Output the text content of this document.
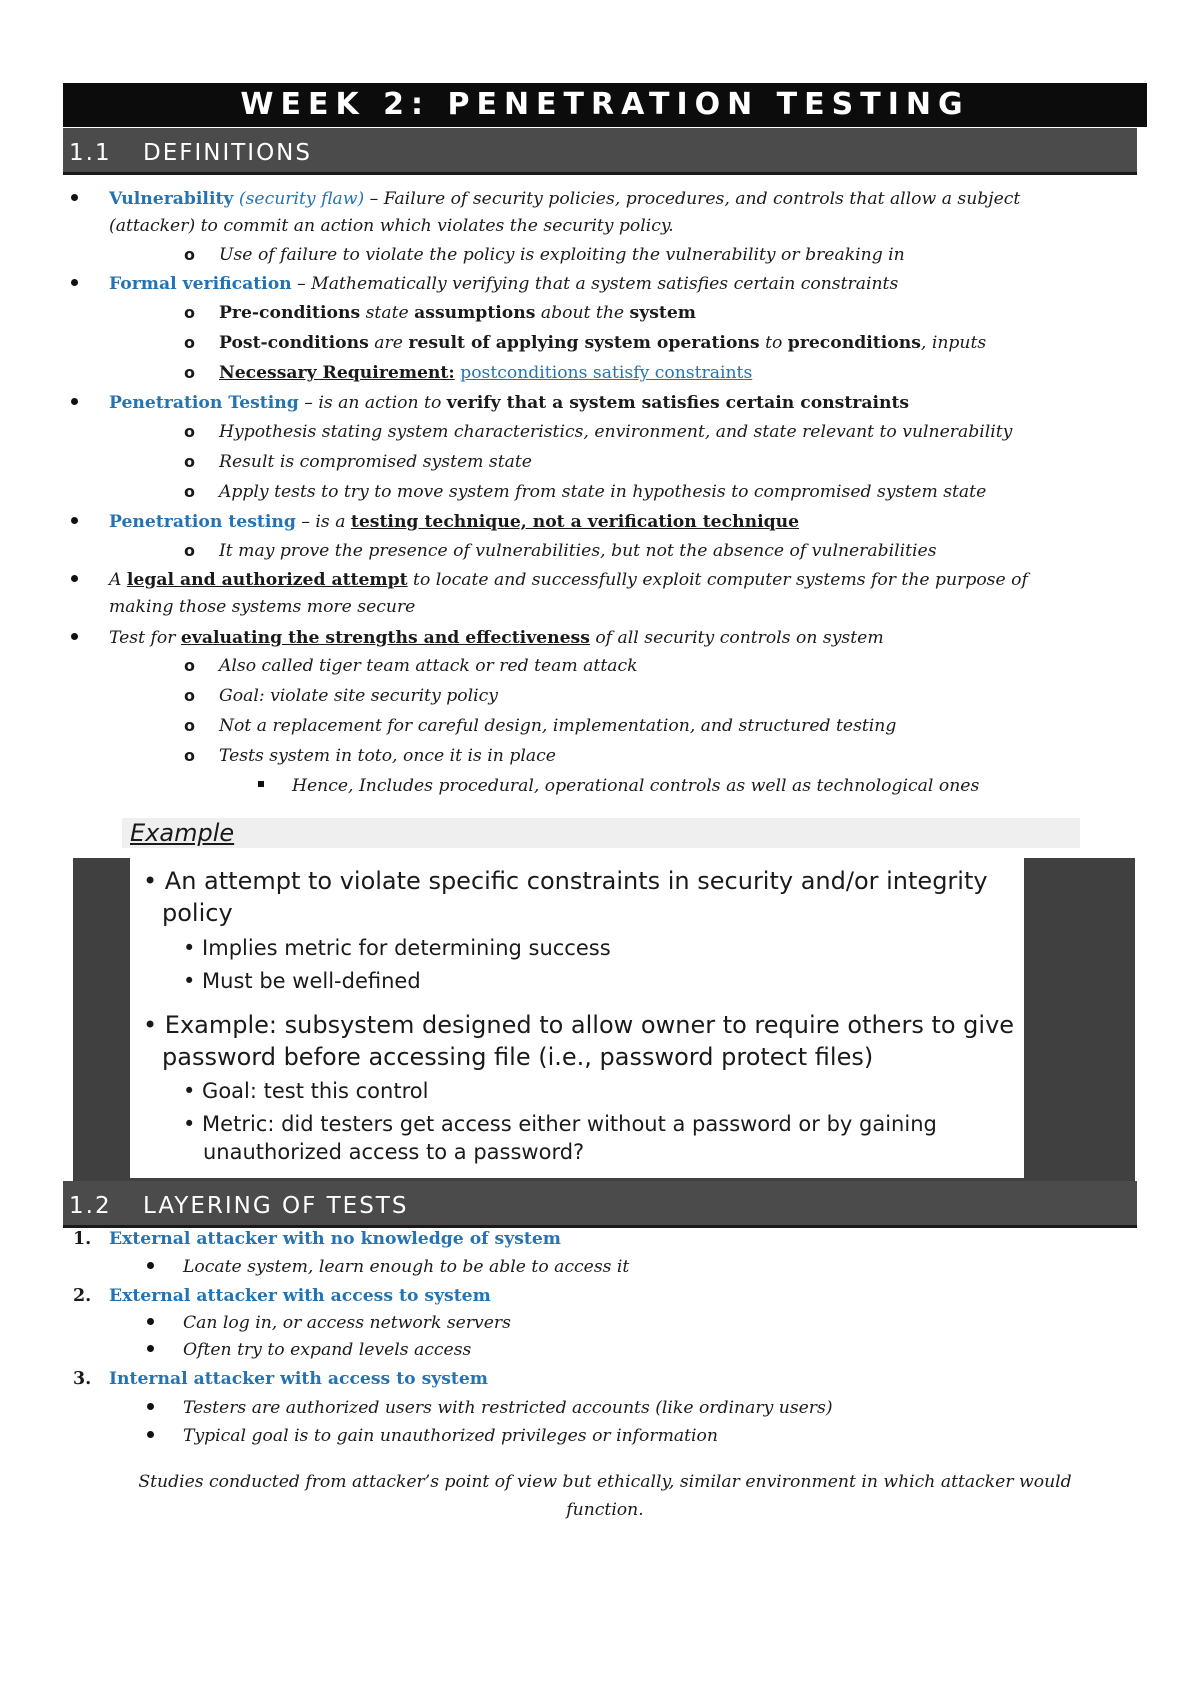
WEEK 2: PENETRATION TESTING
1.1 DEFINITIONS
Vulnerability (security flaw) – Failure of security policies, procedures, and controls that allow a subject
(attacker) to commit an action which violates the security policy.
o Use of failure to violate the policy is exploiting the vulnerability or breaking in
Formal verification – Mathematically verifying that a system satisfies certain constraints
o Pre-conditions state assumptions about the system
o Post-conditions are result of applying system operations to preconditions, inputs
o Necessary Requirement: postconditions satisfy constraints
Penetration Testing – is an action to verify that a system satisfies certain constraints
o Hypothesis stating system characteristics, environment, and state relevant to vulnerability
o Result is compromised system state
o Apply tests to try to move system from state in hypothesis to compromised system state
Penetration testing – is a testing technique, not a verification technique
o It may prove the presence of vulnerabilities, but not the absence of vulnerabilities
A legal and authorized attempt to locate and successfully exploit computer systems for the purpose of
making those systems more secure
Test for evaluating the strengths and effectiveness of all security controls on system
o Also called tiger team attack or red team attack
o Goal: violate site security policy
o Not a replacement for careful design, implementation, and structured testing
o Tests system in toto, once it is in place
Hence, Includes procedural, operational controls as well as technological ones
Example
• An attempt to violate specific constraints in security and/or integrity
policy
• Implies metric for determining success
• Must be well-defined
• Example: subsystem designed to allow owner to require others to give
password before accessing file (i.e., password protect files)
• Goal: test this control
• Metric: did testers get access either without a password or by gaining
unauthorized access to a password?
1.2 LAYERING OF TESTS
1. External attacker with no knowledge of system
Locate system, learn enough to be able to access it
2. External attacker with access to system
Can log in, or access network servers
Often try to expand levels access
3. Internal attacker with access to system
Testers are authorized users with restricted accounts (like ordinary users)
Typical goal is to gain unauthorized privileges or information
Studies conducted from attacker’s point of view but ethically, similar environment in which attacker would
function.
